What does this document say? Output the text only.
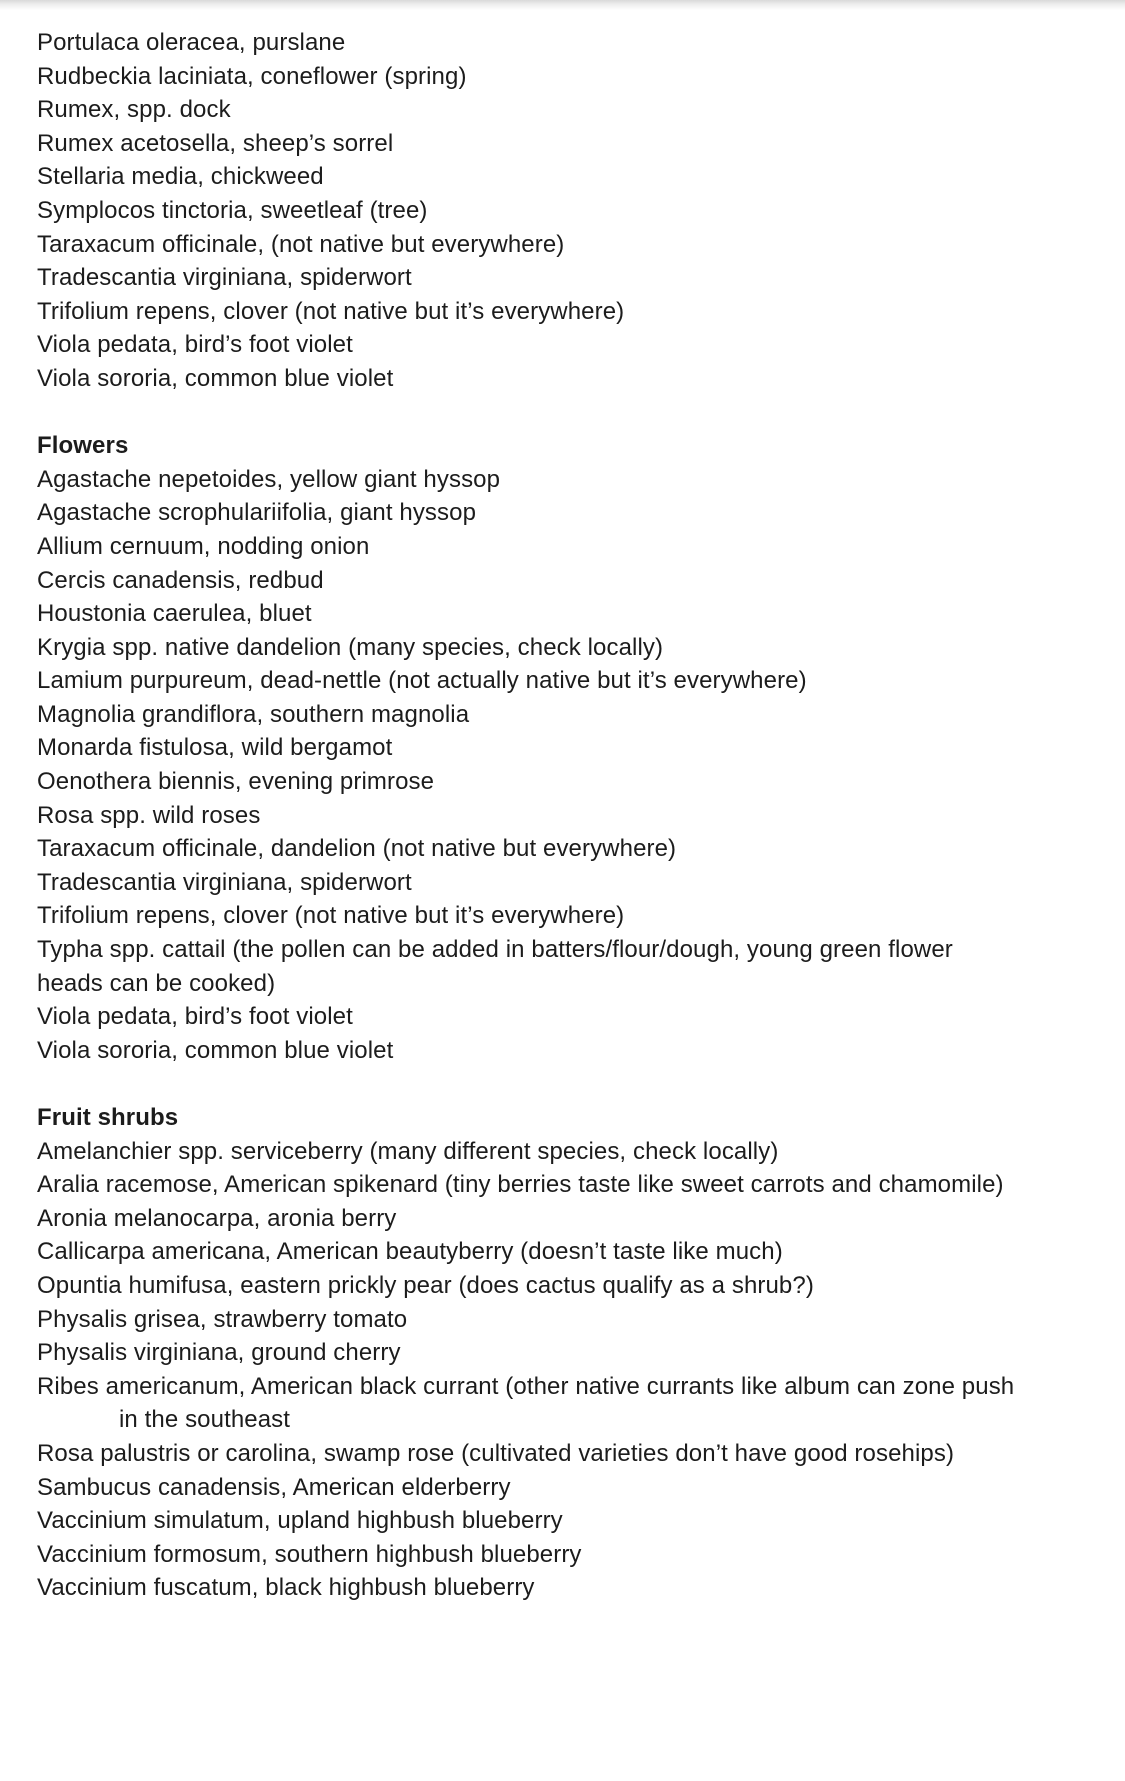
Portulaca oleracea, purslane
Rudbeckia laciniata, coneflower (spring)
Rumex, spp. dock
Rumex acetosella, sheep’s sorrel
Stellaria media, chickweed
Symplocos tinctoria, sweetleaf (tree)
Taraxacum officinale, (not native but everywhere)
Tradescantia virginiana, spiderwort
Trifolium repens, clover (not native but it’s everywhere)
Viola pedata, bird’s foot violet
Viola sororia, common blue violet
Flowers
Agastache nepetoides, yellow giant hyssop
Agastache scrophulariifolia, giant hyssop
Allium cernuum, nodding onion
Cercis canadensis, redbud
Houstonia caerulea, bluet
Krygia spp. native dandelion (many species, check locally)
Lamium purpureum, dead-nettle (not actually native but it’s everywhere)
Magnolia grandiflora, southern magnolia
Monarda fistulosa, wild bergamot
Oenothera biennis, evening primrose
Rosa spp. wild roses
Taraxacum officinale, dandelion (not native but everywhere)
Tradescantia virginiana, spiderwort
Trifolium repens, clover (not native but it’s everywhere)
Typha spp. cattail (the pollen can be added in batters/flour/dough, young green flower
heads can be cooked)
Viola pedata, bird’s foot violet
Viola sororia, common blue violet
Fruit shrubs
Amelanchier spp. serviceberry (many different species, check locally)
Aralia racemose, American spikenard (tiny berries taste like sweet carrots and chamomile)
Aronia melanocarpa, aronia berry
Callicarpa americana, American beautyberry (doesn’t taste like much)
Opuntia humifusa, eastern prickly pear (does cactus qualify as a shrub?)
Physalis grisea, strawberry tomato
Physalis virginiana, ground cherry
Ribes americanum, American black currant (other native currants like album can zone push
in the southeast
Rosa palustris or carolina, swamp rose (cultivated varieties don’t have good rosehips)
Sambucus canadensis, American elderberry
Vaccinium simulatum, upland highbush blueberry
Vaccinium formosum, southern highbush blueberry
Vaccinium fuscatum, black highbush blueberry
